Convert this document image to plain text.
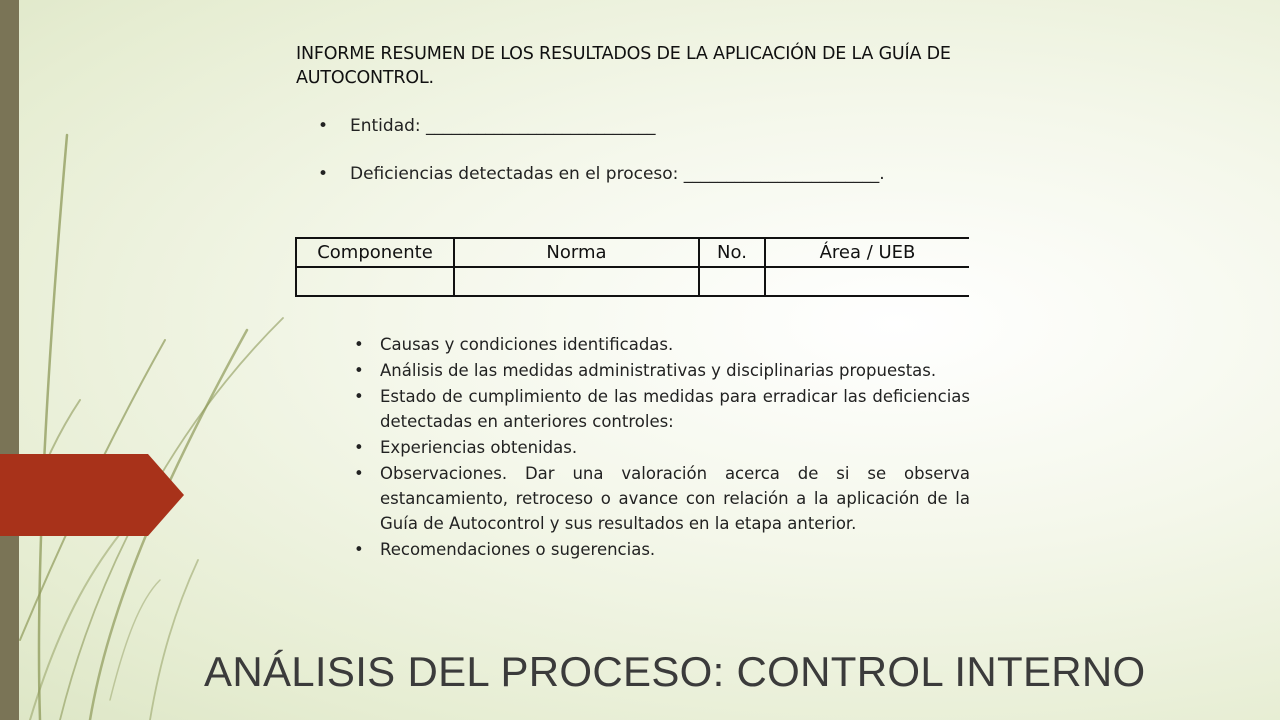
INFORME RESUMEN DE LOS RESULTADOS DE LA APLICACIÓN DE LA GUÍA DE AUTOCONTROL.
• Entidad: ___________________________
• Deficiencias detectadas en el proceso: _______________________.
Componente	Norma	No.	Área / UEB

• Causas y condiciones identificadas.
• Análisis de las medidas administrativas y disciplinarias propuestas.
• Estado de cumplimiento de las medidas para erradicar las deficiencias detectadas en anteriores controles:
• Experiencias obtenidas.
• Observaciones. Dar una valoración acerca de si se observa estancamiento, retroceso o avance con relación a la aplicación de la Guía de Autocontrol y sus resultados en la etapa anterior.
• Recomendaciones o sugerencias.
ANÁLISIS DEL PROCESO: CONTROL INTERNO
